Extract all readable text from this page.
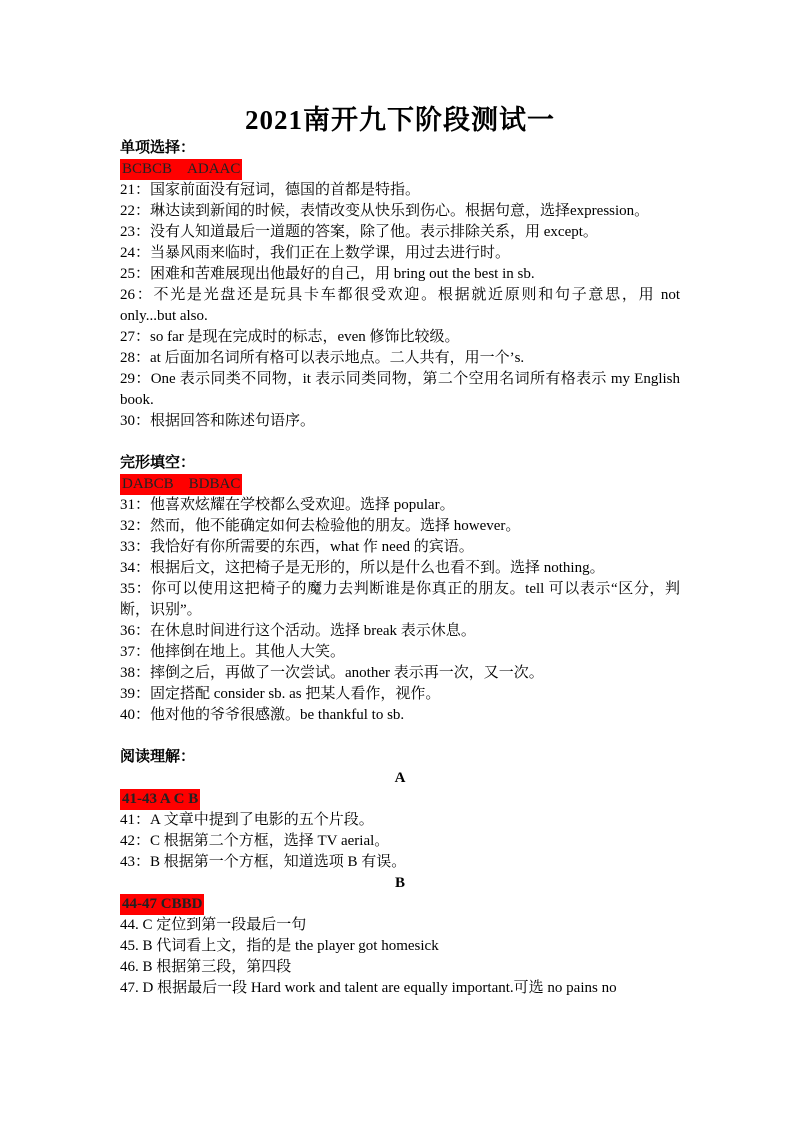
2021南开九下阶段测试一

单项选择：

BCBCB　ADAAC

21：国家前面没有冠词，德国的首都是特指。

22：琳达读到新闻的时候，表情改变从快乐到伤心。根据句意，选择expression。

23：没有人知道最后一道题的答案，除了他。表示排除关系，用 except。

24：当暴风雨来临时，我们正在上数学课，用过去进行时。

25：困难和苦难展现出他最好的自己，用 bring out the best in sb.

26：不光是光盘还是玩具卡车都很受欢迎。根据就近原则和句子意思，用 not only...but also.

27：so far 是现在完成时的标志，even 修饰比较级。

28：at 后面加名词所有格可以表示地点。二人共有，用一个’s.

29：One 表示同类不同物，it 表示同类同物，第二个空用名词所有格表示 my English book.

30：根据回答和陈述句语序。

完形填空：

DABCB　BDBAC

31：他喜欢炫耀在学校都么受欢迎。选择 popular。

32：然而，他不能确定如何去检验他的朋友。选择 however。

33：我恰好有你所需要的东西，what 作 need 的宾语。

34：根据后文，这把椅子是无形的，所以是什么也看不到。选择 nothing。

35：你可以使用这把椅子的魔力去判断谁是你真正的朋友。tell 可以表示“区分，判断，识别”。

36：在休息时间进行这个活动。选择 break 表示休息。

37：他摔倒在地上。其他人大笑。

38：摔倒之后，再做了一次尝试。another 表示再一次，又一次。

39：固定搭配 consider sb. as 把某人看作，视作。

40：他对他的爷爷很感激。be thankful to sb.

阅读理解：

A

41-43 A C B

41：A 文章中提到了电影的五个片段。

42：C 根据第二个方框，选择 TV aerial。

43：B 根据第一个方框，知道选项 B 有误。

B

44-47 CBBD

44. C 定位到第一段最后一句

45. B 代词看上文，指的是 the player got homesick

46. B 根据第三段，第四段

47. D 根据最后一段 Hard work and talent are equally important.可选 no pains no
